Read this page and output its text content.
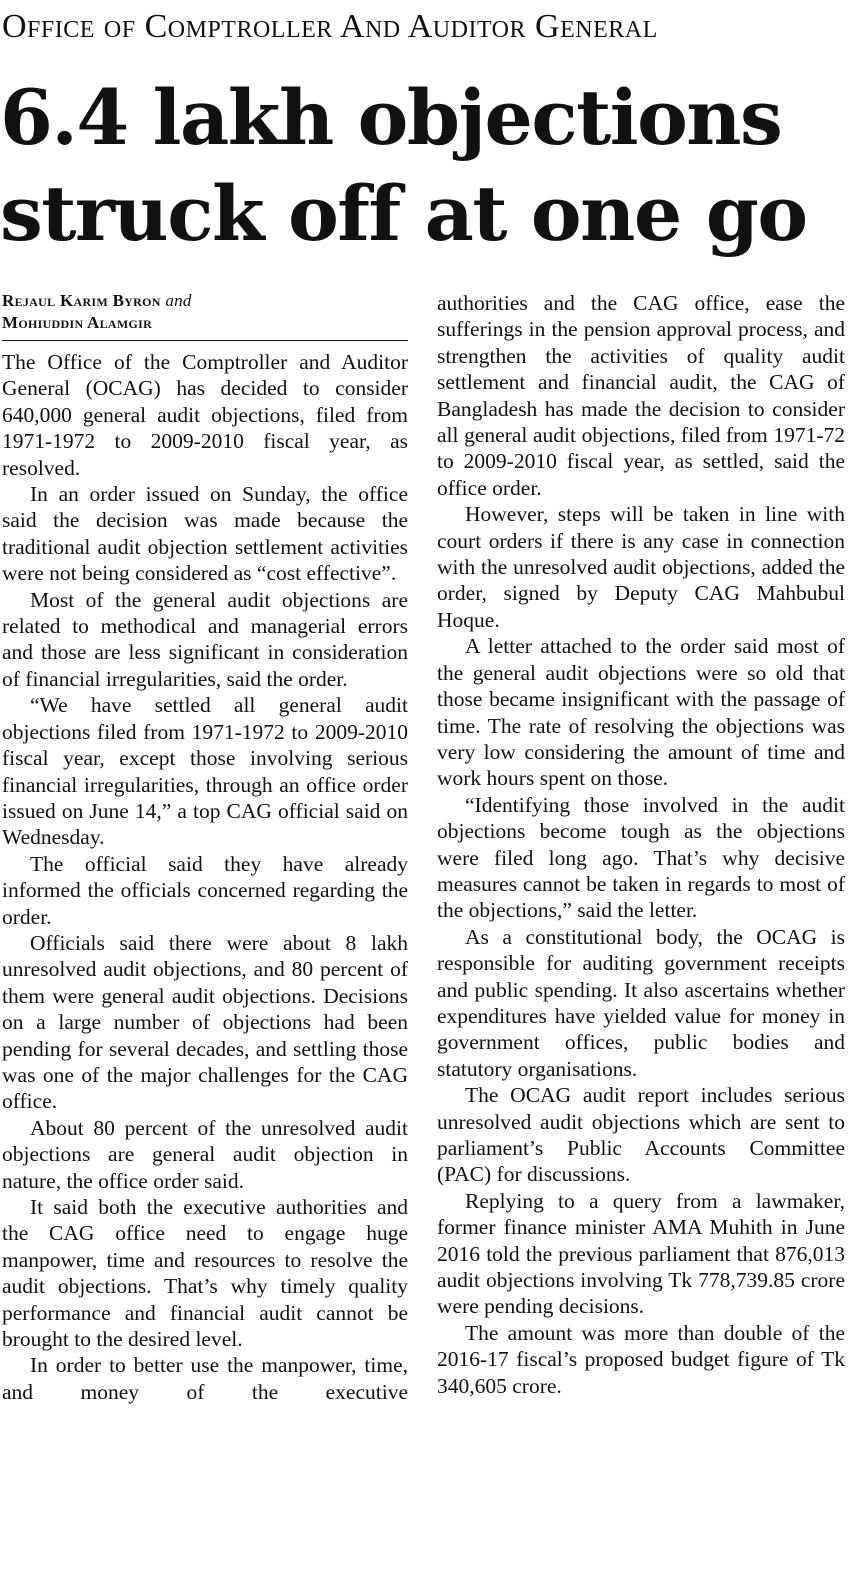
Office of Comptroller And Auditor General
6.4 lakh objections
struck off at one go
Rejaul Karim Byron and
Mohiuddin Alamgir

The Office of the Comptroller and Auditor General (OCAG) has decided to consider 640,000 general audit objections, filed from 1971-1972 to 2009-2010 fiscal year, as resolved.

In an order issued on Sunday, the office said the decision was made because the traditional audit objection settlement activities were not being considered as “cost effective”.

Most of the general audit objections are related to methodical and managerial errors and those are less significant in consideration of financial irregularities, said the order.

“We have settled all general audit objections filed from 1971-1972 to 2009-2010 fiscal year, except those involving serious financial irregularities, through an office order issued on June 14,” a top CAG official said on Wednesday.

The official said they have already informed the officials concerned regarding the order.

Officials said there were about 8 lakh unresolved audit objections, and 80 percent of them were general audit objections. Decisions on a large number of objections had been pending for several decades, and settling those was one of the major challenges for the CAG office.

About 80 percent of the unresolved audit objections are general audit objection in nature, the office order said.

It said both the executive authorities and the CAG office need to engage huge manpower, time and resources to resolve the audit objections. That’s why timely quality performance and financial audit cannot be brought to the desired level.

In order to better use the manpower, time, and money of the executive

authorities and the CAG office, ease the sufferings in the pension approval process, and strengthen the activities of quality audit settlement and financial audit, the CAG of Bangladesh has made the decision to consider all general audit objections, filed from 1971-72 to 2009-2010 fiscal year, as settled, said the office order.

However, steps will be taken in line with court orders if there is any case in connection with the unresolved audit objections, added the order, signed by Deputy CAG Mahbubul Hoque.

A letter attached to the order said most of the general audit objections were so old that those became insignificant with the passage of time. The rate of resolving the objections was very low considering the amount of time and work hours spent on those.

“Identifying those involved in the audit objections become tough as the objections were filed long ago. That’s why decisive measures cannot be taken in regards to most of the objections,” said the letter.

As a constitutional body, the OCAG is responsible for auditing government receipts and public spending. It also ascertains whether expenditures have yielded value for money in government offices, public bodies and statutory organisations.

The OCAG audit report includes serious unresolved audit objections which are sent to parliament’s Public Accounts Committee (PAC) for discussions.

Replying to a query from a lawmaker, former finance minister AMA Muhith in June 2016 told the previous parliament that 876,013 audit objections involving Tk 778,739.85 crore were pending decisions.

The amount was more than double of the 2016-17 fiscal’s proposed budget figure of Tk 340,605 crore.
